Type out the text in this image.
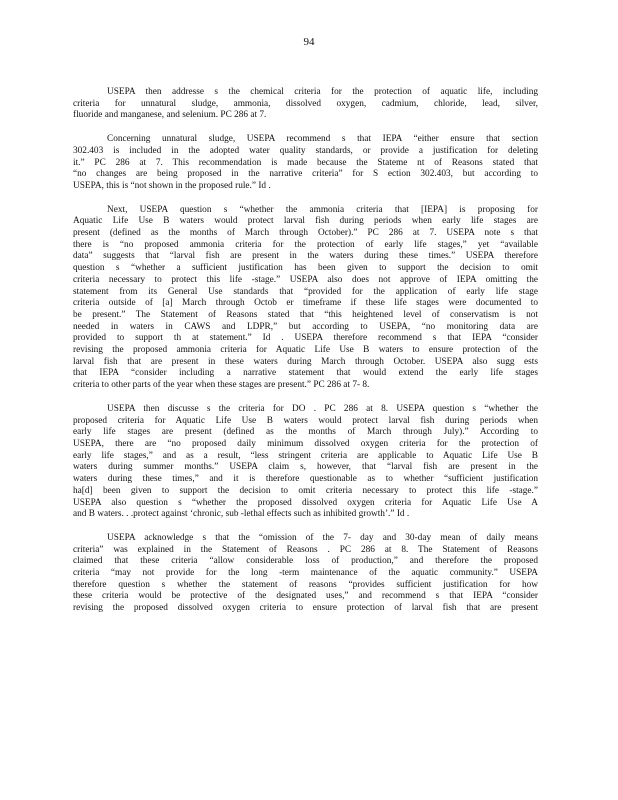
94
USEPA then addresse s the chemical criteria for the protection of aquatic life, including
criteria for unnatural sludge, ammonia, dissolved oxygen, cadmium, chloride, lead, silver,
fluoride and manganese, and selenium. PC 286 at 7.
Concerning unnatural sludge, USEPA recommend s that IEPA “either ensure that section
302.403 is included in the adopted water quality standards, or provide a justification for deleting
it.” PC 286 at 7. This recommendation is made because the Stateme nt of Reasons stated that
“no changes are being proposed in the narrative criteria” for S ection 302.403, but according to
USEPA, this is “not shown in the proposed rule.” Id .
Next, USEPA question s “whether the ammonia criteria that [IEPA] is proposing for
Aquatic Life Use B waters would protect larval fish during periods when early life stages are
present (defined as the months of March through October).” PC 286 at 7. USEPA note s that
there is “no proposed ammonia criteria for the protection of early life stages,” yet “available
data” suggests that “larval fish are present in the waters during these times.” USEPA therefore
question s “whether a sufficient justification has been given to support the decision to omit
criteria necessary to protect this life -stage.” USEPA also does not approve of IEPA omitting the
statement from its General Use standards that “provided for the application of early life stage
criteria outside of [a] March through Octob er timeframe if these life stages were documented to
be present.” The Statement of Reasons stated that “this heightened level of conservatism is not
needed in waters in CAWS and LDPR,” but according to USEPA, “no monitoring data are
provided to support th at statement.” Id . USEPA therefore recommend s that IEPA “consider
revising the proposed ammonia criteria for Aquatic Life Use B waters to ensure protection of the
larval fish that are present in these waters during March through October. USEPA also sugg ests
that IEPA “consider including a narrative statement that would extend the early life stages
criteria to other parts of the year when these stages are present.” PC 286 at 7- 8.
USEPA then discusse s the criteria for DO . PC 286 at 8. USEPA question s “whether the
proposed criteria for Aquatic Life Use B waters would protect larval fish during periods when
early life stages are present (defined as the months of March through July).” According to
USEPA, there are “no proposed daily minimum dissolved oxygen criteria for the protection of
early life stages,” and as a result, “less stringent criteria are applicable to Aquatic Life Use B
waters during summer months.” USEPA claim s, however, that “larval fish are present in the
waters during these times,” and it is therefore questionable as to whether “sufficient justification
ha[d] been given to support the decision to omit criteria necessary to protect this life -stage.”
USEPA also question s “whether the proposed dissolved oxygen criteria for Aquatic Life Use A
and B waters. . .protect against ‘chronic, sub -lethal effects such as inhibited growth’.” Id .
USEPA acknowledge s that the “omission of the 7- day and 30-day mean of daily means
criteria” was explained in the Statement of Reasons . PC 286 at 8. The Statement of Reasons
claimed that these criteria “allow considerable loss of production,” and therefore the proposed
criteria “may not provide for the long -term maintenance of the aquatic community.” USEPA
therefore question s whether the statement of reasons “provides sufficient justification for how
these criteria would be protective of the designated uses,” and recommend s that IEPA “consider
revising the proposed dissolved oxygen criteria to ensure protection of larval fish that are present
